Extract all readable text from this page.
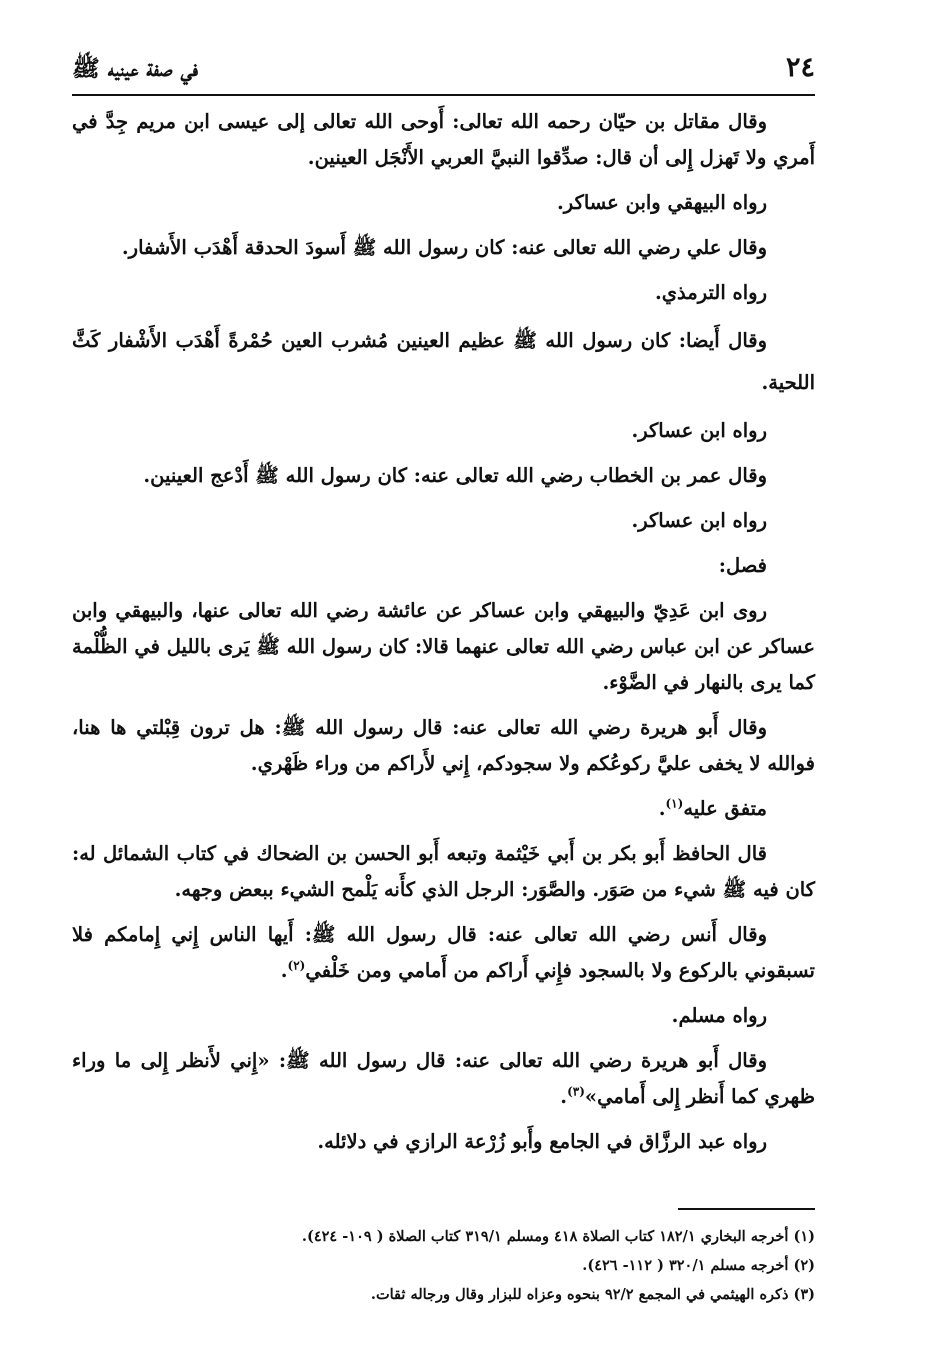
٢٤
في صفة عينيه ﷺ

وقال مقاتل بن حيّان رحمه الله تعالى: أَوحى الله تعالى إلى عيسى ابن مريم جِدَّ في أَمري ولا تَهزل إِلى أن قال: صدِّقوا النبيَّ العربي الأَنْجَل العينين.

رواه البيهقي وابن عساكر.

وقال علي رضي الله تعالى عنه: كان رسول الله ﷺ أَسودَ الحدقة أَهْدَب الأَشفار.

رواه الترمذي.

وقال أَيضا: كان رسول الله ﷺ عظيم العينين مُشرب العين حُمْرةً أَهْدَب الأَشْفار كَثَّ اللحية.

رواه ابن عساكر.

وقال عمر بن الخطاب رضي الله تعالى عنه: كان رسول الله ﷺ أَدْعج العينين.

رواه ابن عساكر.

فصل:

روى ابن عَدِيّ والبيهقي وابن عساكر عن عائشة رضي الله تعالى عنها، والبيهقي وابن عساكر عن ابن عباس رضي الله تعالى عنهما قالا: كان رسول الله ﷺ يَرى بالليل في الظُّلْمة كما يرى بالنهار في الضَّوْء.

وقال أَبو هريرة رضي الله تعالى عنه: قال رسول الله ﷺ: هل ترون قِبْلتي ها هنا، فوالله لا يخفى عليَّ ركوعُكم ولا سجودكم، إِني لأَراكم من وراء ظَهْري.

متفق عليه$^{(١)}$.

قال الحافظ أَبو بكر بن أَبي خَيْثمة وتبعه أَبو الحسن بن الضحاك في كتاب الشمائل له: كان فيه ﷺ شيء من صَوَر. والصَّوَر: الرجل الذي كأَنه يَلْمح الشيء ببعض وجهه.

وقال أَنس رضي الله تعالى عنه: قال رسول الله ﷺ: أَيها الناس إِني إِمامكم فلا تسبقوني بالركوع ولا بالسجود فإِني أَراكم من أَمامي ومن خَلْفي$^{(٢)}$.

رواه مسلم.

وقال أَبو هريرة رضي الله تعالى عنه: قال رسول الله ﷺ: «إِني لأَنظر إِلى ما وراء ظهري كما أَنظر إِلى أَمامي»$^{(٣)}$.

رواه عبد الرزَّاق في الجامع وأَبو زُرْعة الرازي في دلائله.

(١) أخرجه البخاري ١٨٢/١ كتاب الصلاة ٤١٨ ومسلم ٣١٩/١ كتاب الصلاة ( ١٠٩- ٤٢٤).
(٢) أخرجه مسلم ٣٢٠/١ ( ١١٢- ٤٢٦).
(٣) ذكره الهيثمي في المجمع ٩٢/٢ بنحوه وعزاه للبزار وقال ورجاله ثقات.
